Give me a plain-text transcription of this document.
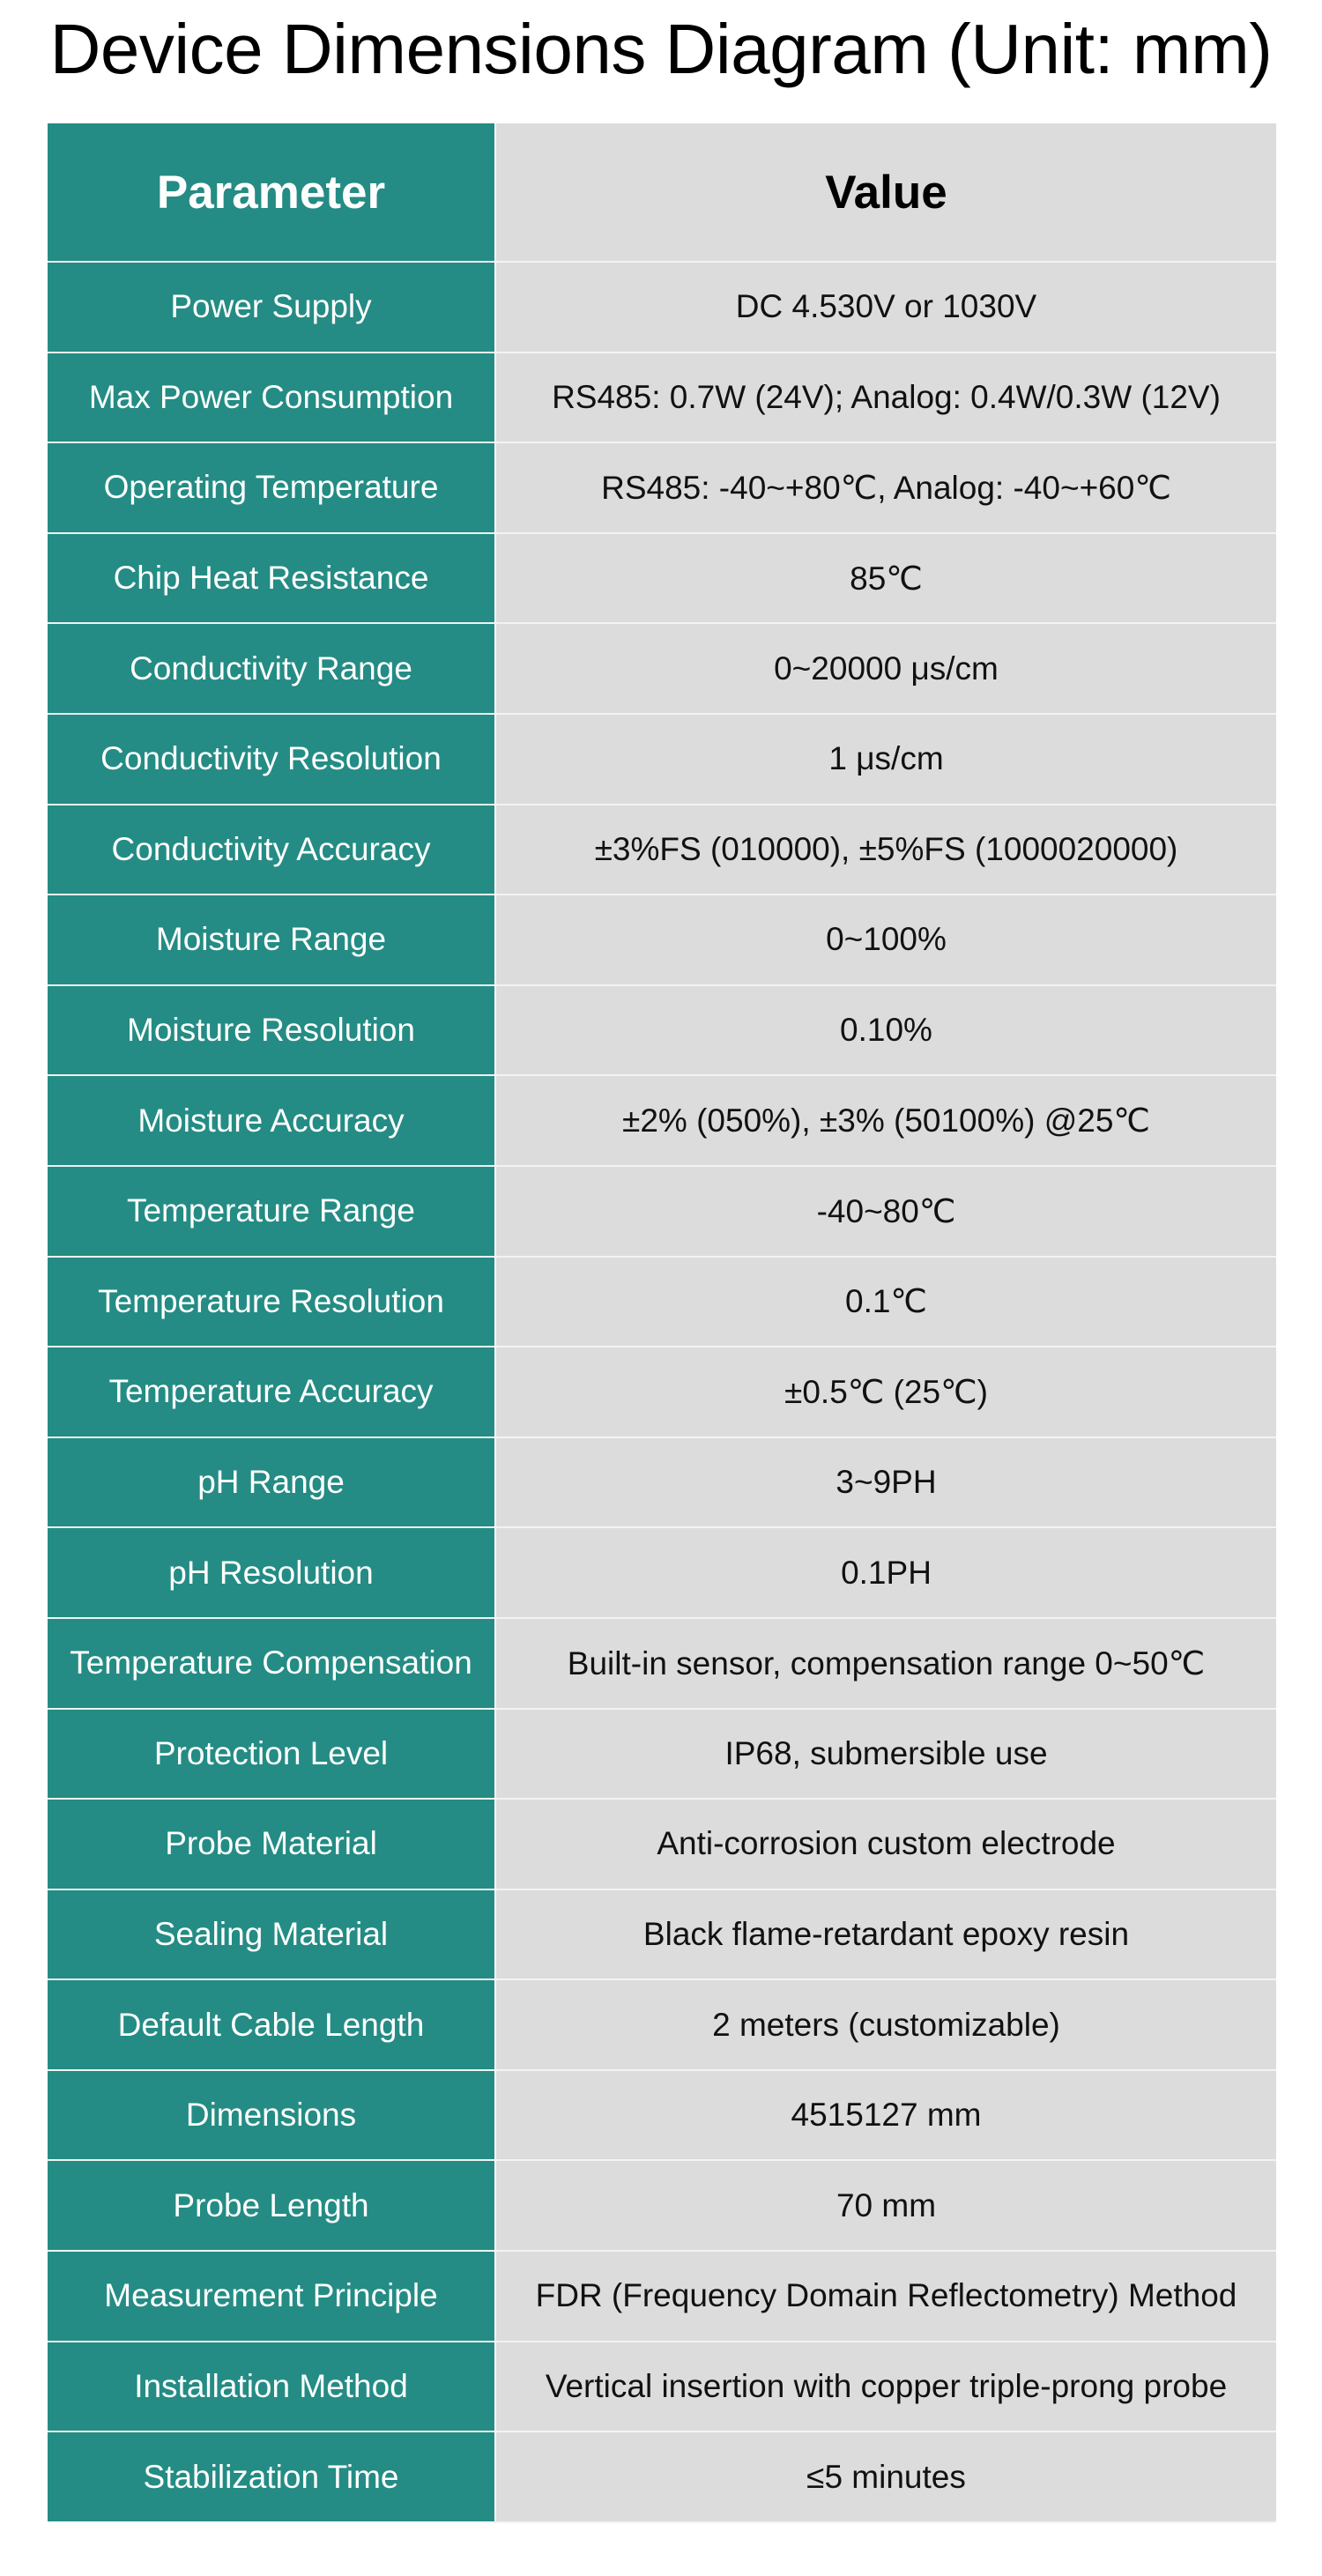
Device Dimensions Diagram (Unit: mm)
Parameter	Value
Power Supply	DC 4.530V or 1030V
Max Power Consumption	RS485: 0.7W (24V); Analog: 0.4W/0.3W (12V)
Operating Temperature	RS485: -40~+80℃, Analog: -40~+60℃
Chip Heat Resistance	85℃
Conductivity Range	0~20000 μs/cm
Conductivity Resolution	1 μs/cm
Conductivity Accuracy	±3%FS (010000), ±5%FS (1000020000)
Moisture Range	0~100%
Moisture Resolution	0.10%
Moisture Accuracy	±2% (050%), ±3% (50100%) @25℃
Temperature Range	-40~80℃
Temperature Resolution	0.1℃
Temperature Accuracy	±0.5℃ (25℃)
pH Range	3~9PH
pH Resolution	0.1PH
Temperature Compensation	Built-in sensor, compensation range 0~50℃
Protection Level	IP68, submersible use
Probe Material	Anti-corrosion custom electrode
Sealing Material	Black flame-retardant epoxy resin
Default Cable Length	2 meters (customizable)
Dimensions	4515127 mm
Probe Length	70 mm
Measurement Principle	FDR (Frequency Domain Reflectometry) Method
Installation Method	Vertical insertion with copper triple-prong probe
Stabilization Time	≤5 minutes
